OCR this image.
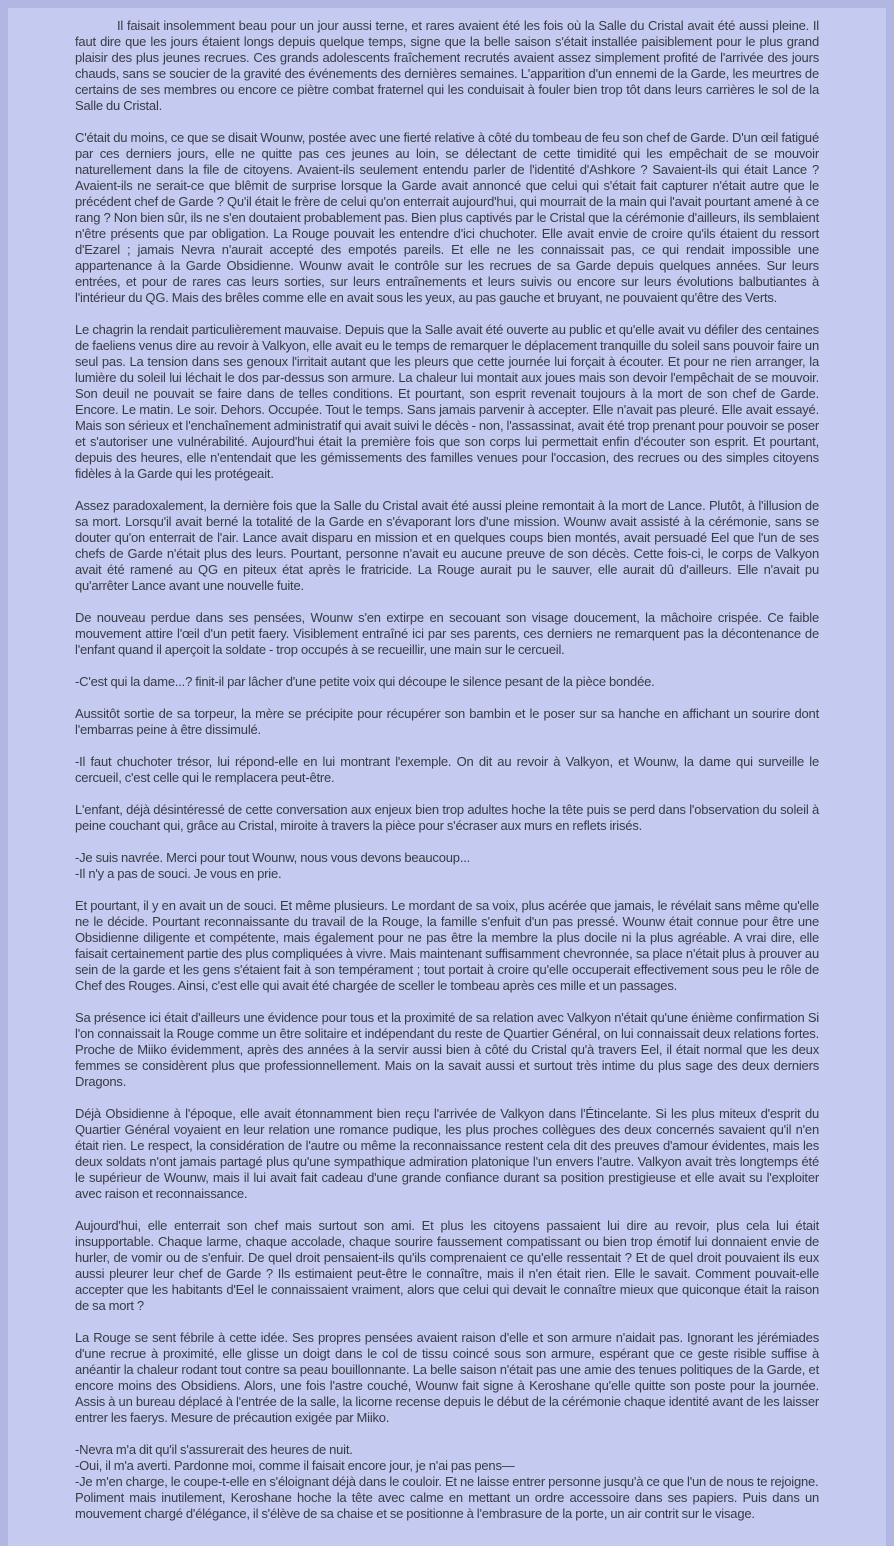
Il faisait insolemment beau pour un jour aussi terne, et rares avaient été les fois où la Salle du Cristal avait été aussi pleine. Il faut dire que les jours étaient longs depuis quelque temps, signe que la belle saison s'était installée paisiblement pour le plus grand plaisir des plus jeunes recrues. Ces grands adolescents fraîchement recrutés avaient assez simplement profité de l'arrivée des jours chauds, sans se soucier de la gravité des événements des dernières semaines. L'apparition d'un ennemi de la Garde, les meurtres de certains de ses membres ou encore ce piètre combat fraternel qui les conduisait à fouler bien trop tôt dans leurs carrières le sol de la Salle du Cristal.

C'était du moins, ce que se disait Wounw, postée avec une fierté relative à côté du tombeau de feu son chef de Garde. D'un œil fatigué par ces derniers jours, elle ne quitte pas ces jeunes au loin, se délectant de cette timidité qui les empêchait de se mouvoir naturellement dans la file de citoyens. Avaient-ils seulement entendu parler de l'identité d'Ashkore ? Savaient-ils qui était Lance ? Avaient-ils ne serait-ce que blêmit de surprise lorsque la Garde avait annoncé que celui qui s'était fait capturer n'était autre que le précédent chef de Garde ? Qu'il était le frère de celui qu'on enterrait aujourd'hui, qui mourrait de la main qui l'avait pourtant amené à ce rang ? Non bien sûr, ils ne s'en doutaient probablement pas. Bien plus captivés par le Cristal que la cérémonie d'ailleurs, ils semblaient n'être présents que par obligation. La Rouge pouvait les entendre d'ici chuchoter. Elle avait envie de croire qu'ils étaient du ressort d'Ezarel ; jamais Nevra n'aurait accepté des empotés pareils. Et elle ne les connaissait pas, ce qui rendait impossible une appartenance à la Garde Obsidienne. Wounw avait le contrôle sur les recrues de sa Garde depuis quelques années. Sur leurs entrées, et pour de rares cas leurs sorties, sur leurs entraînements et leurs suivis ou encore sur leurs évolutions balbutiantes à l'intérieur du QG. Mais des brêles comme elle en avait sous les yeux, au pas gauche et bruyant, ne pouvaient qu'être des Verts.

Le chagrin la rendait particulièrement mauvaise. Depuis que la Salle avait été ouverte au public et qu'elle avait vu défiler des centaines de faeliens venus dire au revoir à Valkyon, elle avait eu le temps de remarquer le déplacement tranquille du soleil sans pouvoir faire un seul pas. La tension dans ses genoux l'irritait autant que les pleurs que cette journée lui forçait à écouter. Et pour ne rien arranger, la lumière du soleil lui léchait le dos par-dessus son armure. La chaleur lui montait aux joues mais son devoir l'empêchait de se mouvoir. Son deuil ne pouvait se faire dans de telles conditions. Et pourtant, son esprit revenait toujours à la mort de son chef de Garde. Encore. Le matin. Le soir. Dehors. Occupée. Tout le temps. Sans jamais parvenir à accepter. Elle n'avait pas pleuré. Elle avait essayé. Mais son sérieux et l'enchaînement administratif qui avait suivi le décès - non, l'assassinat, avait été trop prenant pour pouvoir se poser et s'autoriser une vulnérabilité. Aujourd'hui était la première fois que son corps lui permettait enfin d'écouter son esprit. Et pourtant, depuis des heures, elle n'entendait que les gémissements des familles venues pour l'occasion, des recrues ou des simples citoyens fidèles à la Garde qui les protégeait.

Assez paradoxalement, la dernière fois que la Salle du Cristal avait été aussi pleine remontait à la mort de Lance. Plutôt, à l'illusion de sa mort. Lorsqu'il avait berné la totalité de la Garde en s'évaporant lors d'une mission. Wounw avait assisté à la cérémonie, sans se douter qu'on enterrait de l'air. Lance avait disparu en mission et en quelques coups bien montés, avait persuadé Eel que l'un de ses chefs de Garde n'était plus des leurs. Pourtant, personne n'avait eu aucune preuve de son décès. Cette fois-ci, le corps de Valkyon avait été ramené au QG en piteux état après le fratricide. La Rouge aurait pu le sauver, elle aurait dû d'ailleurs. Elle n'avait pu qu'arrêter Lance avant une nouvelle fuite.

De nouveau perdue dans ses pensées, Wounw s'en extirpe en secouant son visage doucement, la mâchoire crispée. Ce faible mouvement attire l'œil d'un petit faery. Visiblement entraîné ici par ses parents, ces derniers ne remarquent pas la décontenance de l'enfant quand il aperçoit la soldate - trop occupés à se recueillir, une main sur le cercueil.

-C'est qui la dame...? finit-il par lâcher d'une petite voix qui découpe le silence pesant de la pièce bondée.

Aussitôt sortie de sa torpeur, la mère se précipite pour récupérer son bambin et le poser sur sa hanche en affichant un sourire dont l'embarras peine à être dissimulé.

-Il faut chuchoter trésor, lui répond-elle en lui montrant l'exemple. On dit au revoir à Valkyon, et Wounw, la dame qui surveille le cercueil, c'est celle qui le remplacera peut-être.

L'enfant, déjà désintéressé de cette conversation aux enjeux bien trop adultes hoche la tête puis se perd dans l'observation du soleil à peine couchant qui, grâce au Cristal, miroite à travers la pièce pour s'écraser aux murs en reflets irisés.

-Je suis navrée. Merci pour tout Wounw, nous vous devons beaucoup...
-Il n'y a pas de souci. Je vous en prie.

Et pourtant, il y en avait un de souci. Et même plusieurs. Le mordant de sa voix, plus acérée que jamais, le révélait sans même qu'elle ne le décide. Pourtant reconnaissante du travail de la Rouge, la famille s'enfuit d'un pas pressé. Wounw était connue pour être une Obsidienne diligente et compétente, mais également pour ne pas être la membre la plus docile ni la plus agréable. A vrai dire, elle faisait certainement partie des plus compliquées à vivre. Mais maintenant suffisamment chevronnée, sa place n'était plus à prouver au sein de la garde et les gens s'étaient fait à son tempérament ; tout portait à croire qu'elle occuperait effectivement sous peu le rôle de Chef des Rouges. Ainsi, c'est elle qui avait été chargée de sceller le tombeau après ces mille et un passages.

Sa présence ici était d'ailleurs une évidence pour tous et la proximité de sa relation avec Valkyon n'était qu'une énième confirmation Si l'on connaissait la Rouge comme un être solitaire et indépendant du reste de Quartier Général, on lui connaissait deux relations fortes. Proche de Miiko évidemment, après des années à la servir aussi bien à côté du Cristal qu'à travers Eel, il était normal que les deux femmes se considèrent plus que professionnellement. Mais on la savait aussi et surtout très intime du plus sage des deux derniers Dragons.

Déjà Obsidienne à l'époque, elle avait étonnamment bien reçu l'arrivée de Valkyon dans l'Étincelante. Si les plus miteux d'esprit du Quartier Général voyaient en leur relation une romance pudique, les plus proches collègues des deux concernés savaient qu'il n'en était rien. Le respect, la considération de l'autre ou même la reconnaissance restent cela dit des preuves d'amour évidentes, mais les deux soldats n'ont jamais partagé plus qu'une sympathique admiration platonique l'un envers l'autre. Valkyon avait très longtemps été le supérieur de Wounw, mais il lui avait fait cadeau d'une grande confiance durant sa position prestigieuse et elle avait su l'exploiter avec raison et reconnaissance.

Aujourd'hui, elle enterrait son chef mais surtout son ami. Et plus les citoyens passaient lui dire au revoir, plus cela lui était insupportable. Chaque larme, chaque accolade, chaque sourire faussement compatissant ou bien trop émotif lui donnaient envie de hurler, de vomir ou de s'enfuir. De quel droit pensaient-ils qu'ils comprenaient ce qu'elle ressentait ? Et de quel droit pouvaient ils eux aussi pleurer leur chef de Garde ? Ils estimaient peut-être le connaître, mais il n'en était rien. Elle le savait. Comment pouvait-elle accepter que les habitants d'Eel le connaissaient vraiment, alors que celui qui devait le connaître mieux que quiconque était la raison de sa mort ?

La Rouge se sent fébrile à cette idée. Ses propres pensées avaient raison d'elle et son armure n'aidait pas. Ignorant les jérémiades d'une recrue à proximité, elle glisse un doigt dans le col de tissu coincé sous son armure, espérant que ce geste risible suffise à anéantir la chaleur rodant tout contre sa peau bouillonnante. La belle saison n'était pas une amie des tenues politiques de la Garde, et encore moins des Obsidiens. Alors, une fois l'astre couché, Wounw fait signe à Keroshane qu'elle quitte son poste pour la journée. Assis à un bureau déplacé à l'entrée de la salle, la licorne recense depuis le début de la cérémonie chaque identité avant de les laisser entrer les faerys. Mesure de précaution exigée par Miiko.

-Nevra m'a dit qu'il s'assurerait des heures de nuit.
-Oui, il m'a averti. Pardonne moi, comme il faisait encore jour, je n'ai pas pens—
-Je m'en charge, le coupe-t-elle en s'éloignant déjà dans le couloir. Et ne laisse entrer personne jusqu'à ce que l'un de nous te rejoigne.
Poliment mais inutilement, Keroshane hoche la tête avec calme en mettant un ordre accessoire dans ses papiers. Puis dans un mouvement chargé d'élégance, il s'élève de sa chaise et se positionne à l'embrasure de la porte, un air contrit sur le visage.
